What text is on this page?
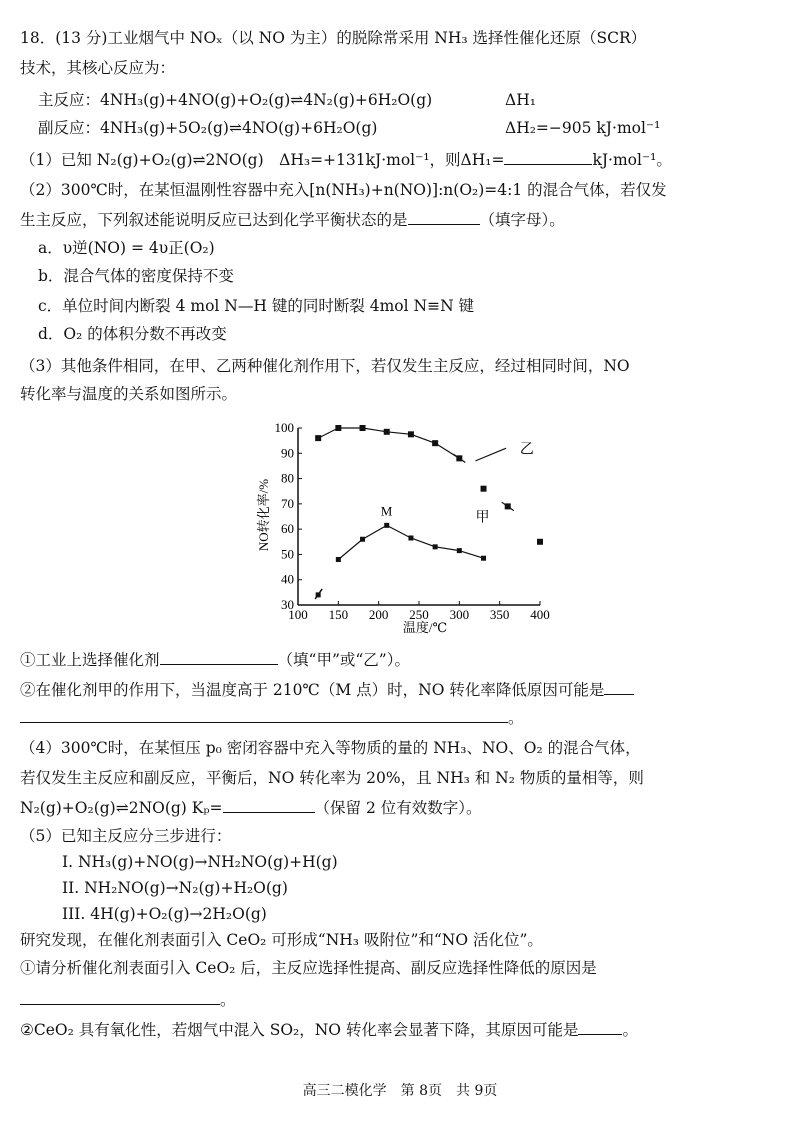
18．(13 分)工业烟气中 NOₓ（以 NO 为主）的脱除常采用 NH₃ 选择性催化还原（SCR）
技术，其核心反应为：
主反应：4NH₃(g)+4NO(g)+O₂(g)⇌4N₂(g)+6H₂O(g)	ΔH₁
副反应：4NH₃(g)+5O₂(g)⇌4NO(g)+6H₂O(g)	ΔH₂=−905 kJ·mol⁻¹
（1）已知 N₂(g)+O₂(g)⇌2NO(g)　ΔH₃=+131kJ·mol⁻¹，则ΔH₁=	kJ·mol⁻¹。
（2）300℃时，在某恒温刚性容器中充入[n(NH₃)+n(NO)]:n(O₂)=4:1 的混合气体，若仅发
生主反应，下列叙述能说明反应已达到化学平衡状态的是	（填字母）。
a．υ逆(NO) = 4υ正(O₂)
b．混合气体的密度保持不变
c．单位时间内断裂 4 mol N—H 键的同时断裂 4mol N≡N 键
d．O₂ 的体积分数不再改变
（3）其他条件相同，在甲、乙两种催化剂作用下，若仅发生主反应，经过相同时间，NO
转化率与温度的关系如图所示。
100 150 200 250 300 350 400
30
40
50
60
70
80
90
100
M
乙
甲
NO转化率/%
温度/℃
①工业上选择催化剂	（填“甲”或“乙”）。
②在催化剂甲的作用下，当温度高于 210℃（M 点）时，NO 转化率降低原因可能是
。
（4）300℃时，在某恒压 p₀ 密闭容器中充入等物质的量的 NH₃、NO、O₂ 的混合气体，
若仅发生主反应和副反应，平衡后，NO 转化率为 20%，且 NH₃ 和 N₂ 物质的量相等，则
N₂(g)+O₂(g)⇌2NO(g) Kₚ=	（保留 2 位有效数字）。
（5）已知主反应分三步进行：
I. NH₃(g)+NO(g)→NH₂NO(g)+H(g)
II. NH₂NO(g)→N₂(g)+H₂O(g)
III. 4H(g)+O₂(g)→2H₂O(g)
研究发现，在催化剂表面引入 CeO₂ 可形成“NH₃ 吸附位”和“NO 活化位”。
①请分析催化剂表面引入 CeO₂ 后，主反应选择性提高、副反应选择性降低的原因是
。
②CeO₂ 具有氧化性，若烟气中混入 SO₂，NO 转化率会显著下降，其原因可能是	。
高三二模化学　第 8页　共 9页
